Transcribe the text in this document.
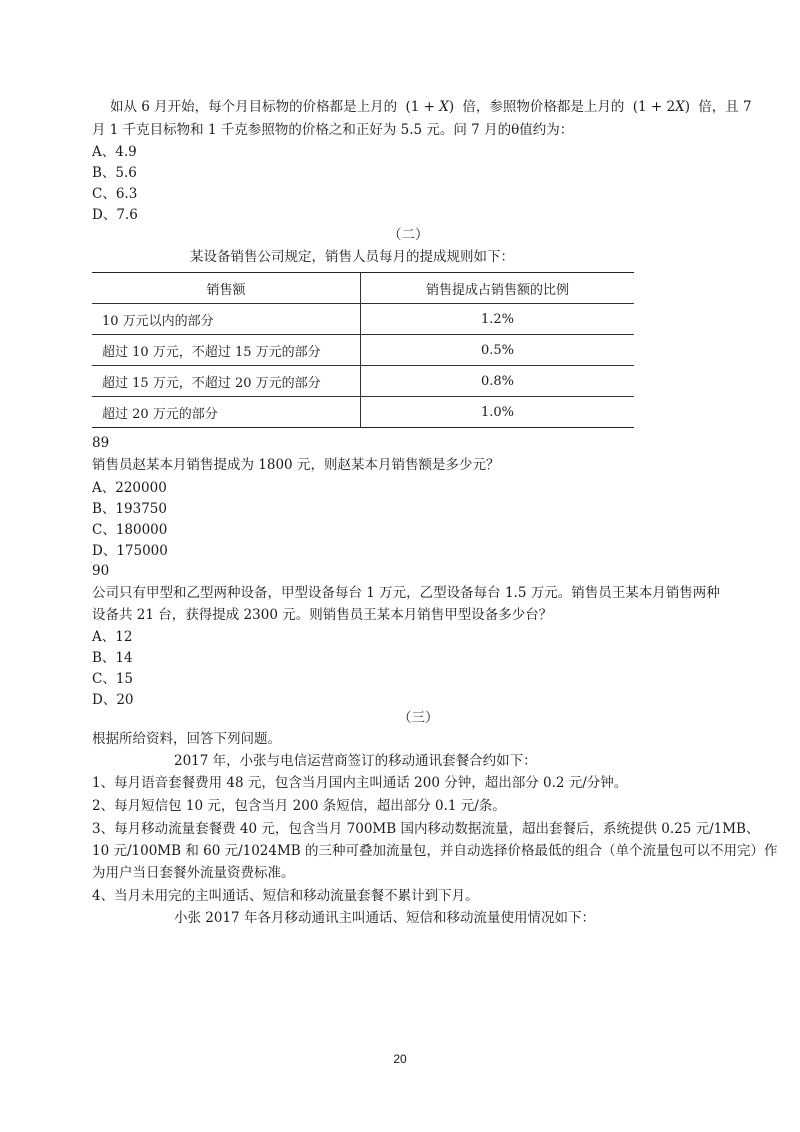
如从 6 月开始，每个月目标物的价格都是上月的 (1 + X) 倍，参照物价格都是上月的 (1 + 2X) 倍，且 7
月 1 千克目标物和 1 千克参照物的价格之和正好为 5.5 元。问 7 月的θ值约为：
A、4.9
B、5.6
C、6.3
D、7.6
（二）
某设备销售公司规定，销售人员每月的提成规则如下：
销售额	销售提成占销售额的比例
10 万元以内的部分	1.2%
超过 10 万元，不超过 15 万元的部分	0.5%
超过 15 万元，不超过 20 万元的部分	0.8%
超过 20 万元的部分	1.0%
89
销售员赵某本月销售提成为 1800 元，则赵某本月销售额是多少元？
A、220000
B、193750
C、180000
D、175000
90
公司只有甲型和乙型两种设备，甲型设备每台 1 万元，乙型设备每台 1.5 万元。销售员王某本月销售两种
设备共 21 台，获得提成 2300 元。则销售员王某本月销售甲型设备多少台？
A、12
B、14
C、15
D、20
（三）
根据所给资料，回答下列问题。
2017 年，小张与电信运营商签订的移动通讯套餐合约如下：
1、每月语音套餐费用 48 元，包含当月国内主叫通话 200 分钟，超出部分 0.2 元/分钟。
2、每月短信包 10 元，包含当月 200 条短信，超出部分 0.1 元/条。
3、每月移动流量套餐费 40 元，包含当月 700MB 国内移动数据流量，超出套餐后，系统提供 0.25 元/1MB、
10 元/100MB 和 60 元/1024MB 的三种可叠加流量包，并自动选择价格最低的组合（单个流量包可以不用完）作
为用户当日套餐外流量资费标准。
4、当月未用完的主叫通话、短信和移动流量套餐不累计到下月。
小张 2017 年各月移动通讯主叫通话、短信和移动流量使用情况如下：
20
